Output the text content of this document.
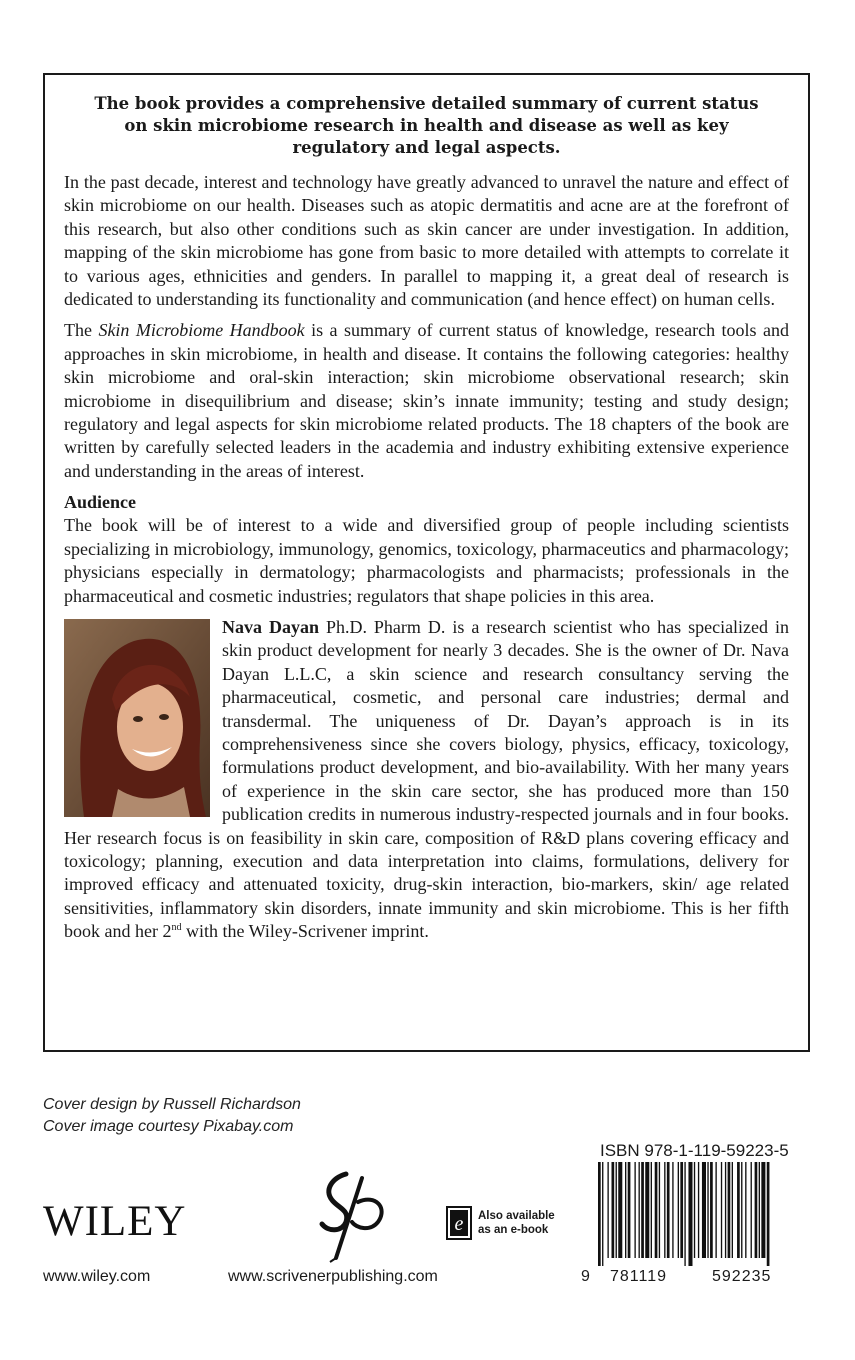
The book provides a comprehensive detailed summary of current status on skin microbiome research in health and disease as well as key regulatory and legal aspects.

In the past decade, interest and technology have greatly advanced to unravel the nature and effect of skin microbiome on our health. Diseases such as atopic dermatitis and acne are at the forefront of this research, but also other conditions such as skin cancer are under investigation. In addition, mapping of the skin microbiome has gone from basic to more detailed with attempts to correlate it to various ages, ethnicities and genders. In parallel to mapping it, a great deal of research is dedicated to understanding its functionality and communication (and hence effect) on human cells.

The Skin Microbiome Handbook is a summary of current status of knowledge, research tools and approaches in skin microbiome, in health and disease. It contains the following categories: healthy skin microbiome and oral-skin interaction; skin microbiome observational research; skin microbiome in disequilibrium and disease; skin’s innate immunity; testing and study design; regulatory and legal aspects for skin microbiome related products. The 18 chapters of the book are written by carefully selected leaders in the academia and industry exhibiting extensive experience and understanding in the areas of interest.

Audience

The book will be of interest to a wide and diversified group of people including scientists specializing in microbiology, immunology, genomics, toxicology, pharmaceutics and pharmacology; physicians especially in dermatology; pharmacologists and pharmacists; professionals in the pharmaceutical and cosmetic industries; regulators that shape policies in this area.

Nava Dayan Ph.D. Pharm D. is a research scientist who has specialized in skin product development for nearly 3 decades. She is the owner of Dr. Nava Dayan L.L.C, a skin science and research consultancy serving the pharmaceutical, cosmetic, and personal care industries; dermal and transdermal. The uniqueness of Dr. Dayan’s approach is in its comprehensiveness since she covers biology, physics, efficacy, toxicology, formulations product development, and bio-availability. With her many years of experience in the skin care sector, she has produced more than 150 publication credits in numerous industry-respected journals and in four books. Her research focus is on feasibility in skin care, composition of R&D plans covering efficacy and toxicology; planning, execution and data interpretation into claims, formulations, delivery for improved efficacy and attenuated toxicity, drug-skin interaction, bio-markers, skin/ age related sensitivities, inflammatory skin disorders, innate immunity and skin microbiome. This is her fifth book and her 2nd with the Wiley-Scrivener imprint.

Cover design by Russell Richardson
Cover image courtesy Pixabay.com
WILEY	e Also available
as an e-book
www.wiley.com	www.scrivenerpublishing.com
ISBN 978-1-119-59223-5
9 781119	592235
